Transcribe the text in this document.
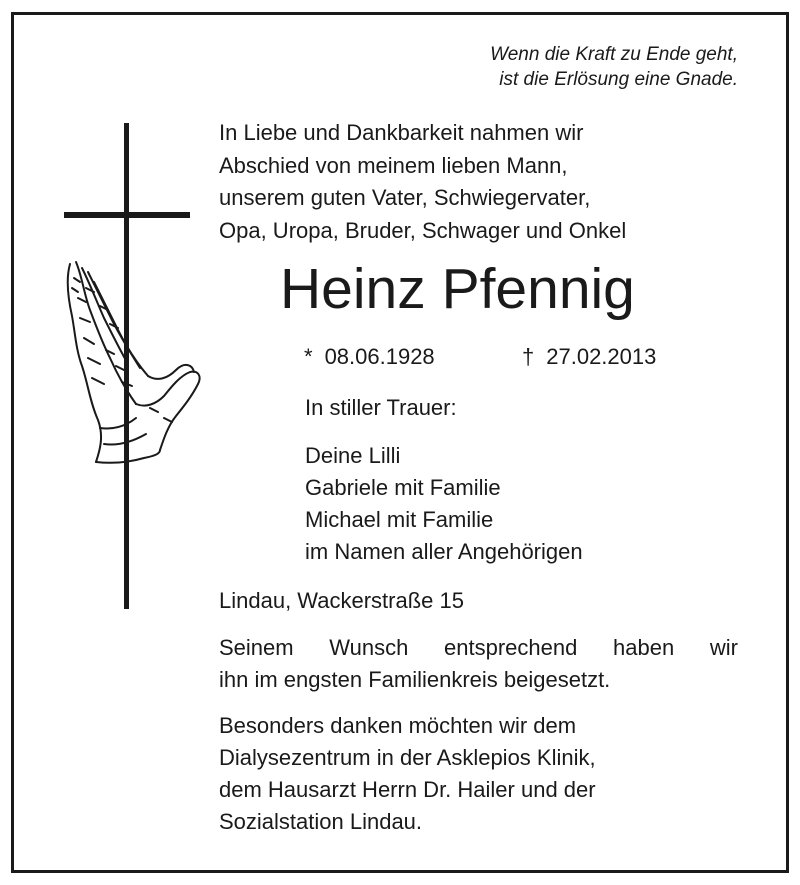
Wenn die Kraft zu Ende geht,
ist die Erlösung eine Gnade.
In Liebe und Dankbarkeit nahmen wir
Abschied von meinem lieben Mann,
unserem guten Vater, Schwiegervater,
Opa, Uropa, Bruder, Schwager und Onkel
Heinz Pfennig
* 08.06.1928	† 27.02.2013
In stiller Trauer:
Deine Lilli
Gabriele mit Familie
Michael mit Familie
im Namen aller Angehörigen
Lindau, Wackerstraße 15
Seinem Wunsch entsprechend haben wir
ihn im engsten Familienkreis beigesetzt.
Besonders danken möchten wir dem
Dialysezentrum in der Asklepios Klinik,
dem Hausarzt Herrn Dr. Hailer und der
Sozialstation Lindau.
